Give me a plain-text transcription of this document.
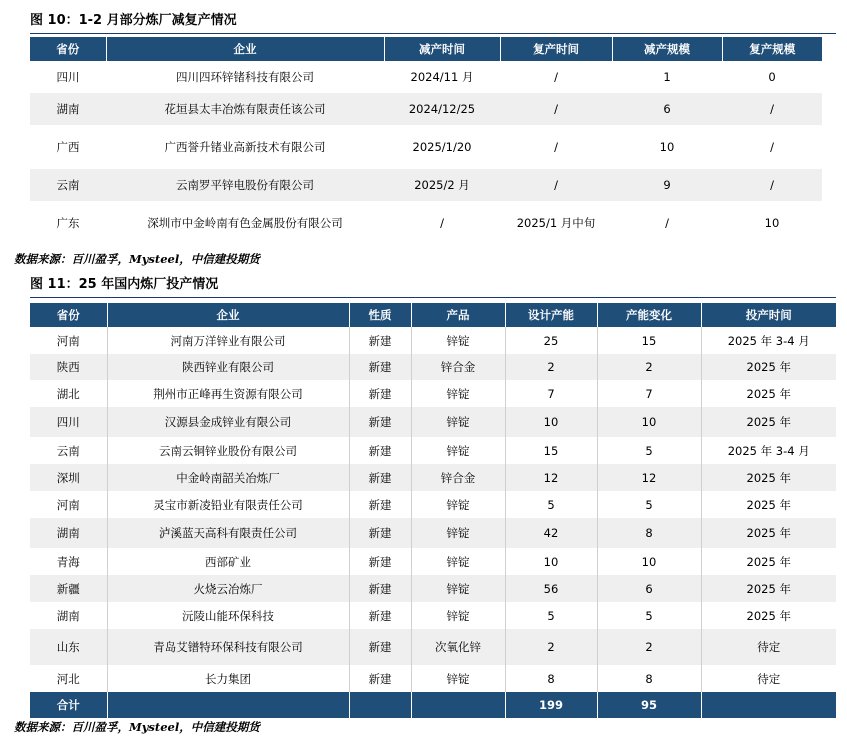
图 10：1-2 月部分炼厂减复产情况
省份	企业	减产时间	复产时间	减产规模	复产规模
四川	四川四环锌锗科技有限公司	2024/11 月	/	1	0
湖南	花垣县太丰冶炼有限责任该公司	2024/12/25	/	6	/
广西	广西誉升锗业高新技术有限公司	2025/1/20	/	10	/
云南	云南罗平锌电股份有限公司	2025/2 月	/	9	/
广东	深圳市中金岭南有色金属股份有限公司	/	2025/1 月中旬	/	10
数据来源：百川盈孚，Mysteel，中信建投期货
图 11：25 年国内炼厂投产情况
省份	企业	性质	产品	设计产能	产能变化	投产时间
河南	河南万洋锌业有限公司	新建	锌锭	25	15	2025 年 3-4 月
陕西	陕西锌业有限公司	新建	锌合金	2	2	2025 年
湖北	荆州市正峰再生资源有限公司	新建	锌锭	7	7	2025 年
四川	汉源县金成锌业有限公司	新建	锌锭	10	10	2025 年
云南	云南云铜锌业股份有限公司	新建	锌锭	15	5	2025 年 3-4 月
深圳	中金岭南韶关冶炼厂	新建	锌合金	12	12	2025 年
河南	灵宝市新凌铅业有限责任公司	新建	锌锭	5	5	2025 年
湖南	泸溪蓝天高科有限责任公司	新建	锌锭	42	8	2025 年
青海	西部矿业	新建	锌锭	10	10	2025 年
新疆	火烧云冶炼厂	新建	锌锭	56	6	2025 年
湖南	沅陵山能环保科技	新建	锌锭	5	5	2025 年
山东	青岛艾镨特环保科技有限公司	新建	次氧化锌	2	2	待定
河北	长力集团	新建	锌锭	8	8	待定
合计				199	95	
数据来源：百川盈孚，Mysteel，中信建投期货
